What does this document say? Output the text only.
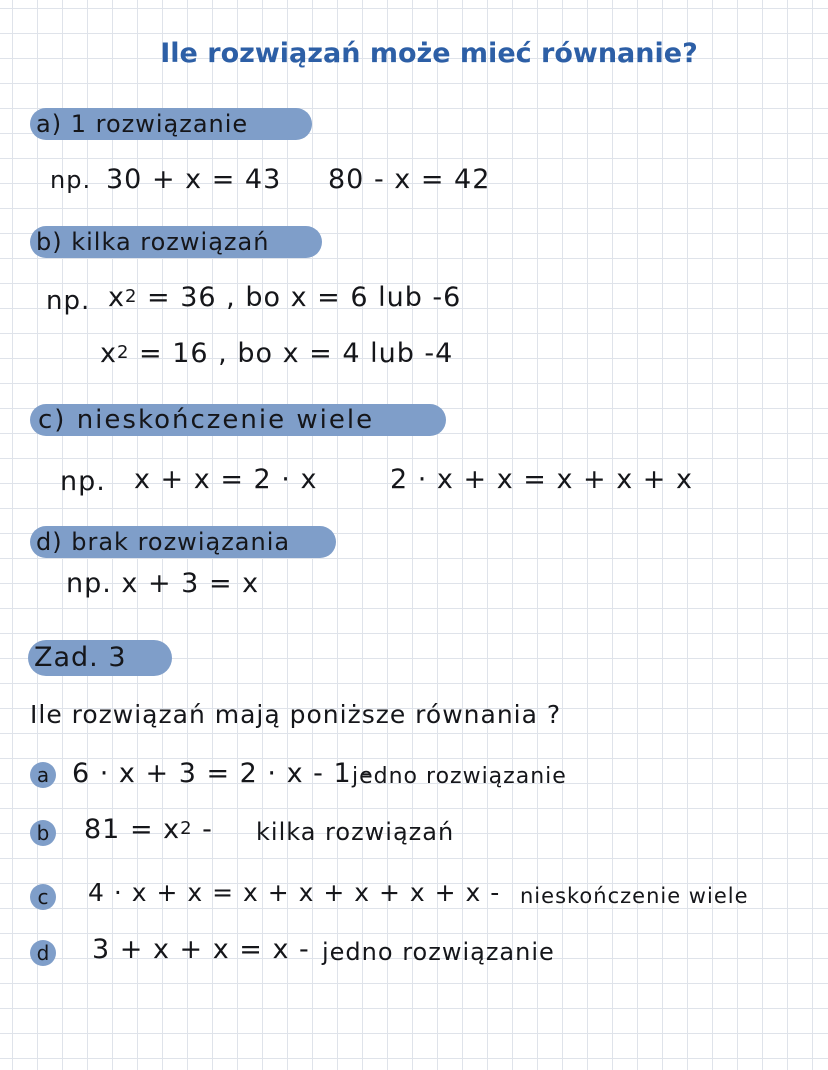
Ile rozwiązań może mieć równanie?
a) 1 rozwiązanie
np. 30 + x = 43 80 - x = 42
b) kilka rozwiązań
np. $x^2 = 36$ , bo x = 6 lub -6
$x^2 = 16$ , bo x = 4 lub -4
c) nieskończenie wiele
np. x + x = 2 · x	2 · x + x = x + x + x
d) brak rozwiązania
np. x + 3 = x
Zad. 3
Ile rozwiązań mają poniższe równania ?
a 6 · x + 3 = 2 · x - 1 -
jedno rozwiązanie
b $81 = x^2$ - kilka rozwiązań
c	4 · x + x = x + x + x + x + x - nieskończenie wiele
d 3 + x + x = x - jedno rozwiązanie
